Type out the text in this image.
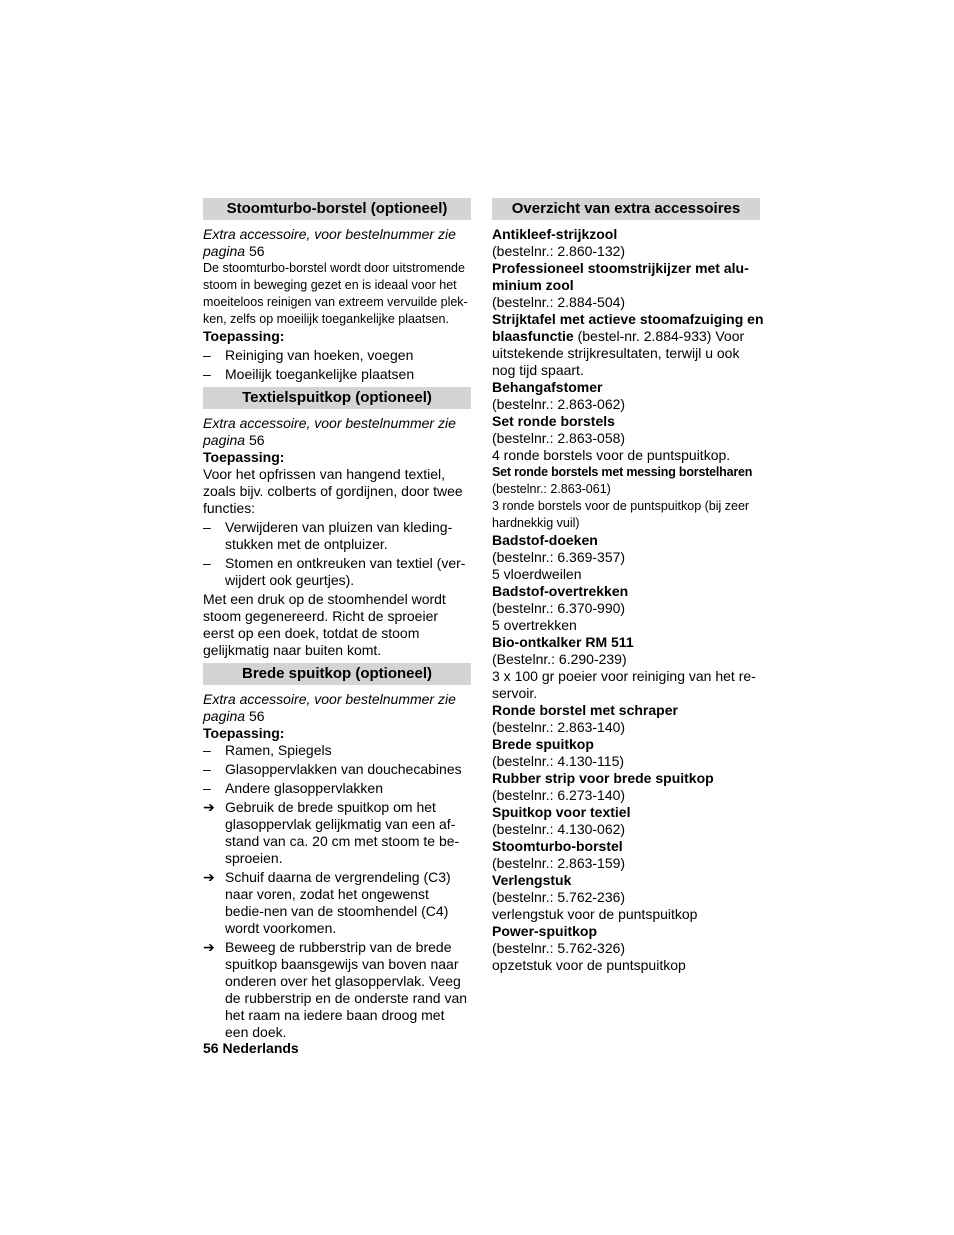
Stoomturbo-borstel (optioneel)

Extra accessoire, voor bestelnummer zie pagina 56

De stoomturbo-borstel wordt door uitstromende
stoom in beweging gezet en is ideaal voor het
moeiteloos reinigen van extreem vervuilde plek-
ken, zelfs op moeilijk toegankelijke plaatsen.

Toepassing:

–	Reiniging van hoeken, voegen
–	Moeilijk toegankelijke plaatsen
Textielspuitkop (optioneel)

Extra accessoire, voor bestelnummer zie pagina 56

Toepassing:

Voor het opfrissen van hangend textiel, zoals bijv. colberts of gordijnen, door twee functies:

–	Verwijderen van pluizen van kleding-stukken met de ontpluizer.
–	Stomen en ontkreuken van textiel (ver-wijdert ook geurtjes).

Met een druk op de stoomhendel wordt stoom gegenereerd. Richt de sproeier eerst op een doek, totdat de stoom gelijkmatig naar buiten komt.

Brede spuitkop (optioneel)

Extra accessoire, voor bestelnummer zie pagina 56

Toepassing:

–	Ramen, Spiegels
–	Glasoppervlakken van douchecabines
–	Andere glasoppervlakken
➔ Gebruik de brede spuitkop om het glasoppervlak gelijkmatig van een af-stand van ca. 20 cm met stoom te be-sproeien.
➔ Schuif daarna de vergrendeling (C3) naar voren, zodat het ongewenst bedie-nen van de stoomhendel (C4) wordt voorkomen.
➔ Beweeg de rubberstrip van de brede spuitkop baansgewijs van boven naar onderen over het glasoppervlak. Veeg de rubberstrip en de onderste rand van het raam na iedere baan droog met een doek.
Overzicht van extra accessoires
Antikleef-strijkzool
(bestelnr.: 2.860-132)
Professioneel stoomstrijkijzer met alu-minium zool
(bestelnr.: 2.884-504)
Strijktafel met actieve stoomafzuiging en blaasfunctie (bestel-nr. 2.884-933) Voor uitstekende strijkresultaten, terwijl u ook nog tijd spaart.
Behangafstomer
(bestelnr.: 2.863-062)
Set ronde borstels
(bestelnr.: 2.863-058)
4 ronde borstels voor de puntspuitkop.
Set ronde borstels met messing borstelharen
(bestelnr.: 2.863-061)
3 ronde borstels voor de puntspuitkop (bij zeer hardnekkig vuil)
Badstof-doeken
(bestelnr.: 6.369-357)
5 vloerdweilen
Badstof-overtrekken
(bestelnr.: 6.370-990)
5 overtrekken
Bio-ontkalker RM 511
(Bestelnr.: 6.290-239)
3 x 100 gr poeier voor reiniging van het re-servoir.
Ronde borstel met schraper
(bestelnr.: 2.863-140)
Brede spuitkop
(bestelnr.: 4.130-115)
Rubber strip voor brede spuitkop
(bestelnr.: 6.273-140)
Spuitkop voor textiel
(bestelnr.: 4.130-062)
Stoomturbo-borstel
(bestelnr.: 2.863-159)
Verlengstuk
(bestelnr.: 5.762-236)
verlengstuk voor de puntspuitkop
Power-spuitkop
(bestelnr.: 5.762-326)
opzetstuk voor de puntspuitkop
56 Nederlands
